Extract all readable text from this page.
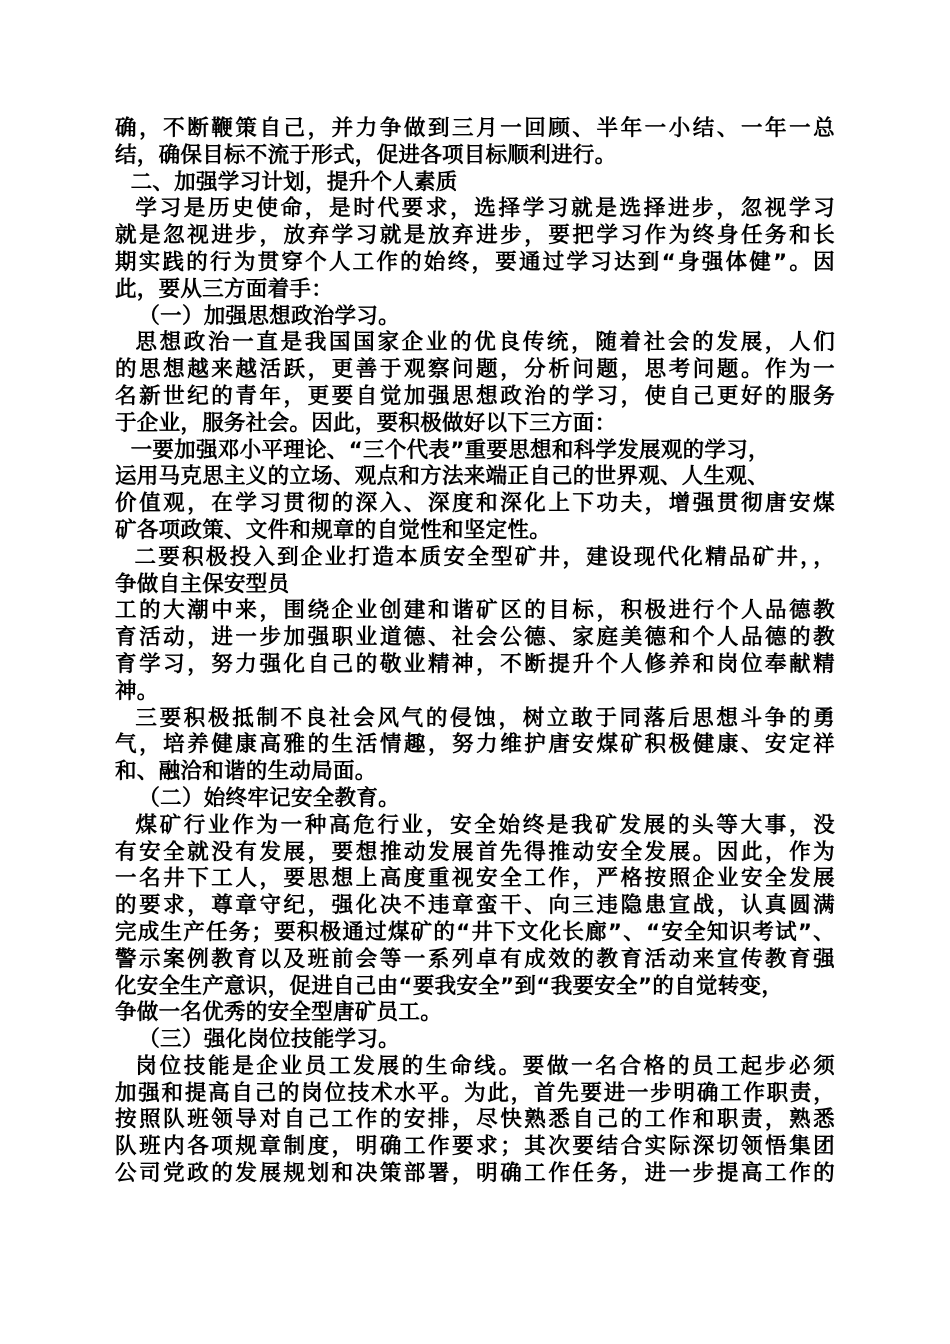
确，不断鞭策自己，并力争做到三月一回顾、半年一小结、一年一总
结，确保目标不流于形式，促进各项目标顺利进行。
二、加强学习计划，提升个人素质
学习是历史使命，是时代要求，选择学习就是选择进步，忽视学习
就是忽视进步，放弃学习就是放弃进步，要把学习作为终身任务和长
期实践的行为贯穿个人工作的始终，要通过学习达到“身强体健”。因
此，要从三方面着手：
（一）加强思想政治学习。
思想政治一直是我国国家企业的优良传统，随着社会的发展，人们
的思想越来越活跃，更善于观察问题，分析问题，思考问题。作为一
名新世纪的青年，更要自觉加强思想政治的学习，使自己更好的服务
于企业，服务社会。因此，要积极做好以下三方面：
一要加强邓小平理论、“三个代表”重要思想和科学发展观的学习，
运用马克思主义的立场、观点和方法来端正自己的世界观、人生观、
价值观，在学习贯彻的深入、深度和深化上下功夫，增强贯彻唐安煤
矿各项政策、文件和规章的自觉性和坚定性。
二要积极投入到企业打造本质安全型矿井，建设现代化精品矿井，，
争做自主保安型员
工的大潮中来，围绕企业创建和谐矿区的目标，积极进行个人品德教
育活动，进一步加强职业道德、社会公德、家庭美德和个人品德的教
育学习，努力强化自己的敬业精神，不断提升个人修养和岗位奉献精
神。
三要积极抵制不良社会风气的侵蚀，树立敢于同落后思想斗争的勇
气，培养健康高雅的生活情趣，努力维护唐安煤矿积极健康、安定祥
和、融洽和谐的生动局面。
（二）始终牢记安全教育。
煤矿行业作为一种高危行业，安全始终是我矿发展的头等大事，没
有安全就没有发展，要想推动发展首先得推动安全发展。因此，作为
一名井下工人，要思想上高度重视安全工作，严格按照企业安全发展
的要求，尊章守纪，强化决不违章蛮干、向三违隐患宣战，认真圆满
完成生产任务；要积极通过煤矿的“井下文化长廊”、“安全知识考试”、
警示案例教育以及班前会等一系列卓有成效的教育活动来宣传教育强
化安全生产意识，促进自己由“要我安全”到“我要安全”的自觉转变，
争做一名优秀的安全型唐矿员工。
（三）强化岗位技能学习。
岗位技能是企业员工发展的生命线。要做一名合格的员工起步必须
加强和提高自己的岗位技术水平。为此，首先要进一步明确工作职责，
按照队班领导对自己工作的安排，尽快熟悉自己的工作和职责，熟悉
队班内各项规章制度，明确工作要求；其次要结合实际深切领悟集团
公司党政的发展规划和决策部署，明确工作任务，进一步提高工作的
